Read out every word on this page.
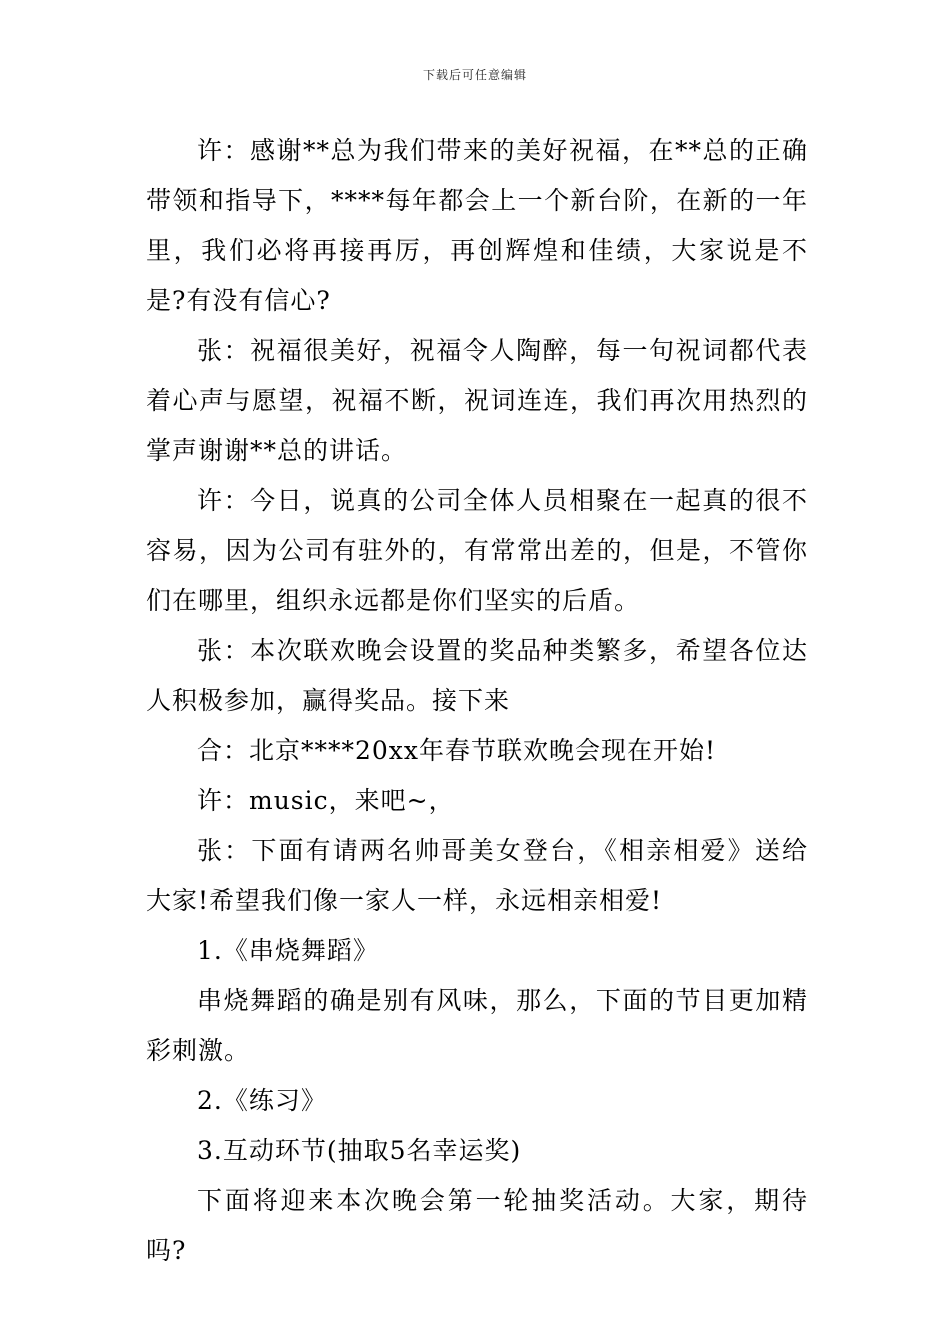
下载后可任意编辑

许：感谢**总为我们带来的美好祝福，在**总的正确带领和指导下，****每年都会上一个新台阶，在新的一年里，我们必将再接再厉，再创辉煌和佳绩，大家说是不是?有没有信心?

张：祝福很美好，祝福令人陶醉，每一句祝词都代表着心声与愿望，祝福不断，祝词连连，我们再次用热烈的掌声谢谢**总的讲话。

许：今日，说真的公司全体人员相聚在一起真的很不容易，因为公司有驻外的，有常常出差的，但是，不管你们在哪里，组织永远都是你们坚实的后盾。

张：本次联欢晚会设置的奖品种类繁多，希望各位达人积极参加，赢得奖品。接下来

合：北京****20xx年春节联欢晚会现在开始!

许：music，来吧~，

张：下面有请两名帅哥美女登台，《相亲相爱》送给大家!希望我们像一家人一样，永远相亲相爱!

1.《串烧舞蹈》

串烧舞蹈的确是别有风味，那么，下面的节目更加精彩刺激。

2.《练习》

3.互动环节(抽取5名幸运奖)

下面将迎来本次晚会第一轮抽奖活动。大家，期待吗?
